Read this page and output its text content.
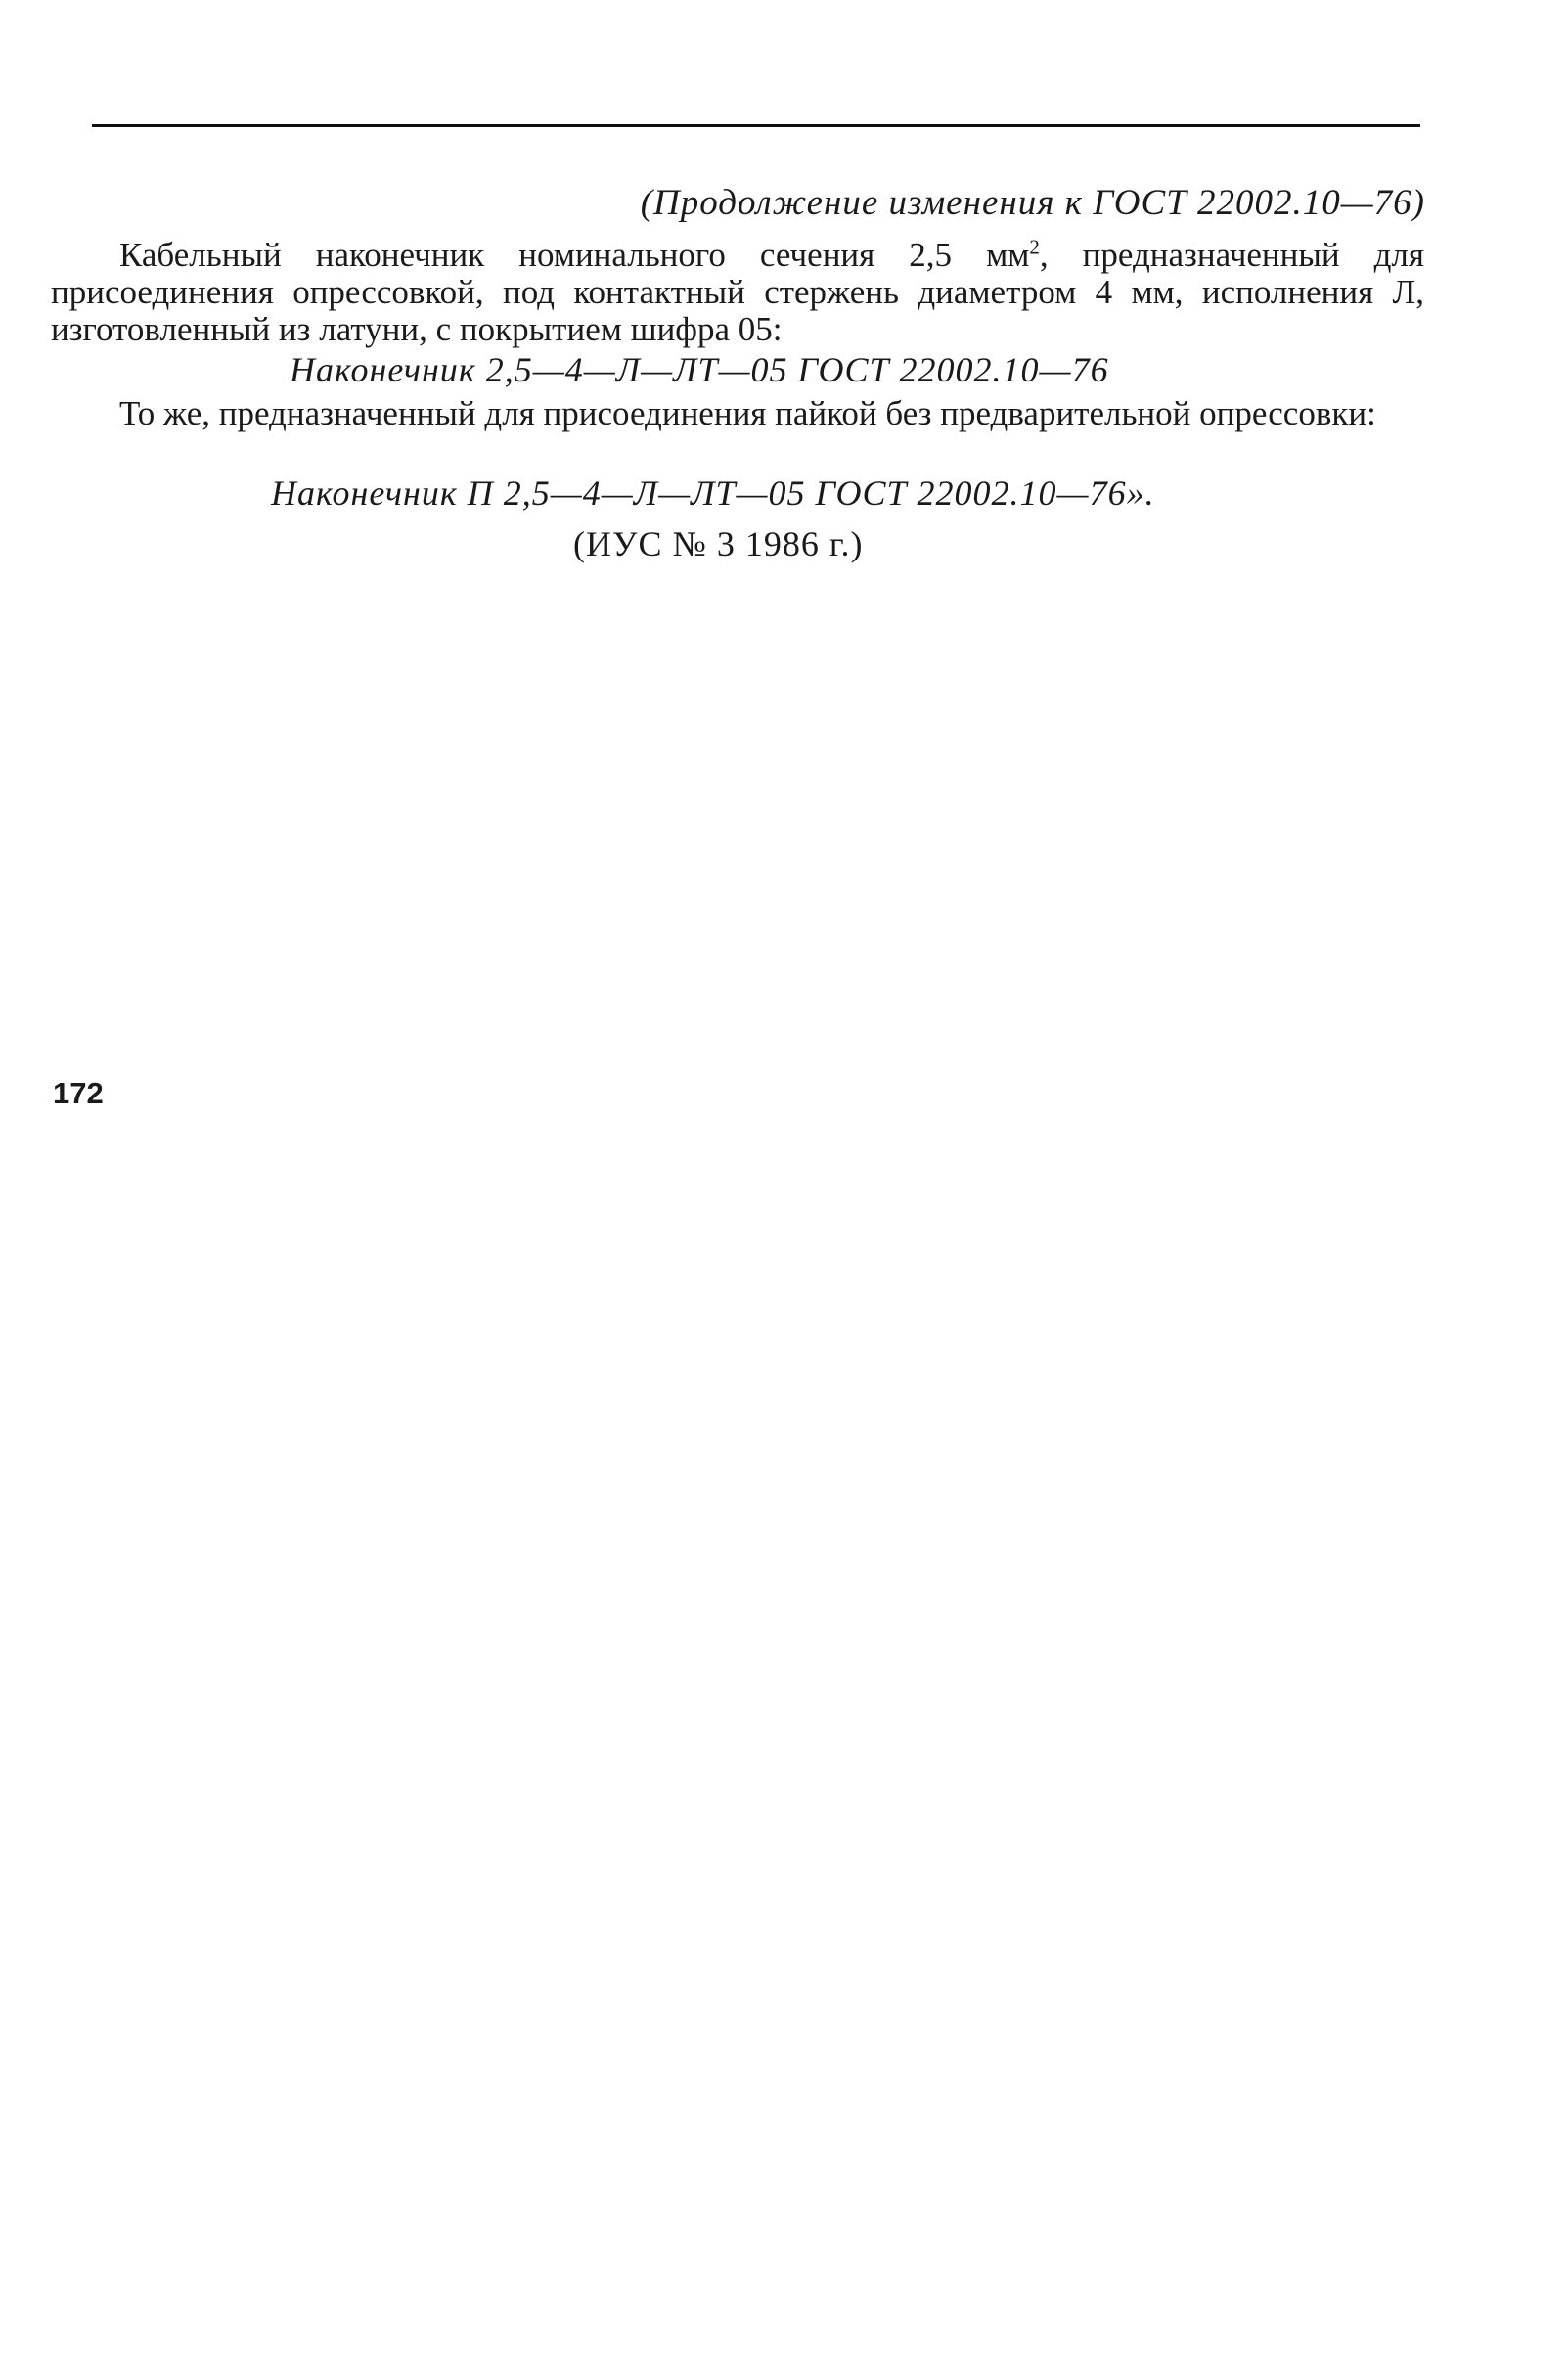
(Продолжение изменения к ГОСТ 22002.10—76)
Кабельный наконечник номинального сечения 2,5 $мм^2$, предназначенный для присоединения опрессовкой, под контактный стержень диаметром 4 мм, исполнения Л, изготовленный из латуни, с покрытием шифра 05:
Наконечник 2,5—4—Л—ЛТ—05 ГОСТ 22002.10—76
То же, предназначенный для присоединения пайкой без предварительной опрессовки:
Наконечник П 2,5—4—Л—ЛТ—05 ГОСТ 22002.10—76».
(ИУС № 3 1986 г.)
172
